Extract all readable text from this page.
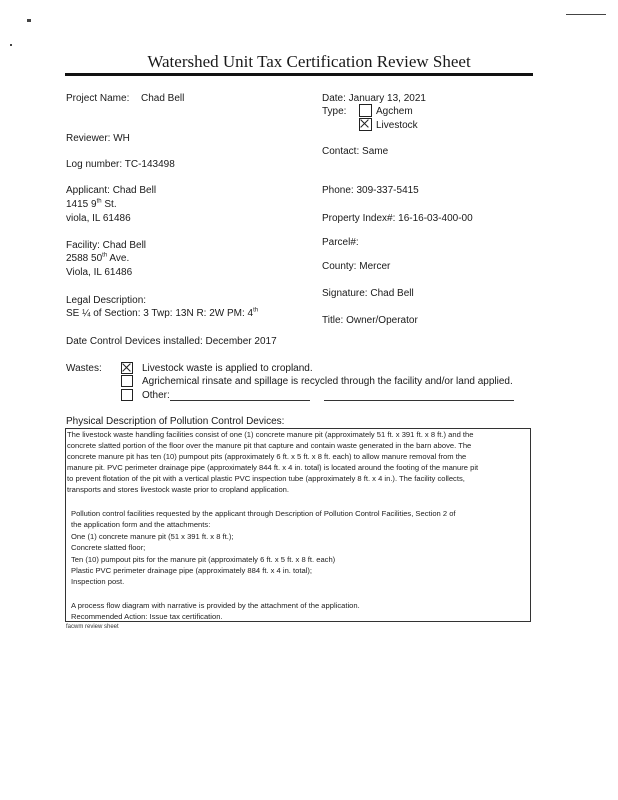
Watershed Unit Tax Certification Review Sheet
Project Name: Chad Bell
Reviewer: WH
Log number: TC-143498
Applicant: Chad Bell
1415 9th St.
viola, IL 61486
Facility: Chad Bell
2588 50th Ave.
Viola, IL 61486
Legal Description:
SE ¼ of Section: 3 Twp: 13N R: 2W PM: 4th
Date Control Devices installed: December 2017
Date: January 13, 2021
Type:	Agchem
Livestock
Contact: Same
Phone: 309-337-5415
Property Index#: 16-16-03-400-00
Parcel#:
County: Mercer
Signature: Chad Bell
Title: Owner/Operator
Wastes:	Livestock waste is applied to cropland.
Agrichemical rinsate and spillage is recycled through the facility and/or land applied.
Other:
Physical Description of Pollution Control Devices:
The livestock waste handling facilities consist of one (1) concrete manure pit (approximately 51 ft. x 391 ft. x 8 ft.) and the
concrete slatted portion of the floor over the manure pit that capture and contain waste generated in the barn above. The
concrete manure pit has ten (10) pumpout pits (approximately 6 ft. x 5 ft. x 8 ft. each) to allow manure removal from the
manure pit. PVC perimeter drainage pipe (approximately 844 ft. x 4 in. total) is located around the footing of the manure pit
to prevent flotation of the pit with a vertical plastic PVC inspection tube (approximately 8 ft. x 4 in.). The facility collects,
transports and stores livestock waste prior to cropland application.
Pollution control facilities requested by the applicant through Description of Pollution Control Facilities, Section 2 of
the application form and the attachments:
One (1) concrete manure pit (51 x 391 ft. x 8 ft.);
Concrete slatted floor;
Ten (10) pumpout pits for the manure pit (approximately 6 ft. x 5 ft. x 8 ft. each)
Plastic PVC perimeter drainage pipe (approximately 884 ft. x 4 in. total);
Inspection post.
A process flow diagram with narrative is provided by the attachment of the application.
Recommended Action: Issue tax certification.
facwm review sheet
